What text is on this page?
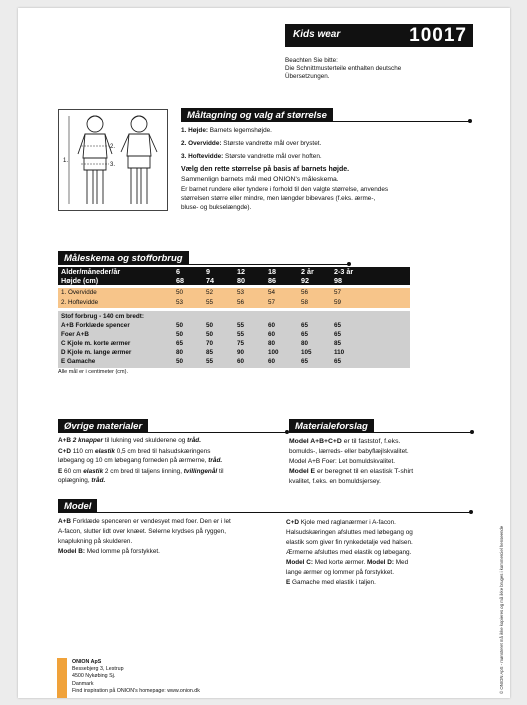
Kids wear	10017
Beachten Sie bitte:
Die Schnittmusterteile enthalten deutsche
Übersetzungen.
Måltagning og valg af størrelse
1.
2.
3.
1. Højde: Barnets legemshøjde.
2. Overvidde: Største vandrette mål over brystet.
3. Hoftevidde: Største vandrette mål over hoften.
Vælg den rette størrelse på basis af barnets højde.
Sammenlign barnets mål med ONION's måleskema.
Er barnet rundere eller tyndere i forhold til den valgte størrelse, anvendes
størrelsen større eller mindre, men længder bibevares (f.eks. ærme-,
bluse- og bukselængde).
Måleskema og stofforbrug
Alder/måneder/år	6	9	12	18	2 år	2-3 år
Højde (cm)	68	74	80	86	92	98
1. Overvidde	50	52	53	54	56	57
2. Hoftevidde	53	55	56	57	58	59
Stof forbrug - 140 cm bredt:
A+B Forklæde spencer	50	50	55	60	65	65
Foer A+B	50	50	55	60	65	65
C Kjole m. korte ærmer	65	70	75	80	80	85
D Kjole m. lange ærmer	80	85	90	100	105	110
E Gamache	50	55	60	60	65	65
Alle mål er i centimeter (cm).
Øvrige materialer
A+B 2 knapper til lukning ved skulderene og tråd.
C+D 110 cm elastik 0,5 cm bred til halsudskæringens
løbegang og 10 cm løbegang forneden på ærmerne, tråd.
E 60 cm elastik 2 cm bred til taljens linning, tvillingenål til
oplægning, tråd.
Materialeforslag
Model A+B+C+D er til faststof, f.eks.
bomulds-, lærreds- eller babyflæjlskvalitet.
Model A+B Foer: Let bomuldskvalitet.
Model E er beregnet til en elastisk T-shirt
kvalitet, f.eks. en bomuldsjersey.
Model
A+B Forklæde spenceren er vendesyet med foer. Den er i let
A-facon, slutter lidt over knæet. Selerne krydses på ryggen,
knaplukning på skulderen.
Model B: Med lomme på forstykket.
C+D Kjole med raglanærmer i A-facon.
Halsudskæringen afsluttes med løbegang og
elastik som giver fin rynkedetalje ved halsen.
Ærmerne afsluttes med elastik og løbegang.
Model C: Med korte ærmer. Model D: Med
lange ærmer og lommer på forstykket.
E Gamache med elastik i taljen.
ONION ApS
Bessebjerg 3, Lestrup
4500 Nykøbing Sj.
Danmark
Find inspiration på ONION's homepage: www.onion.dk	© ONION ApS - mønsteret må ikke kopieres og må ikke bruges i kommerciel henseende
